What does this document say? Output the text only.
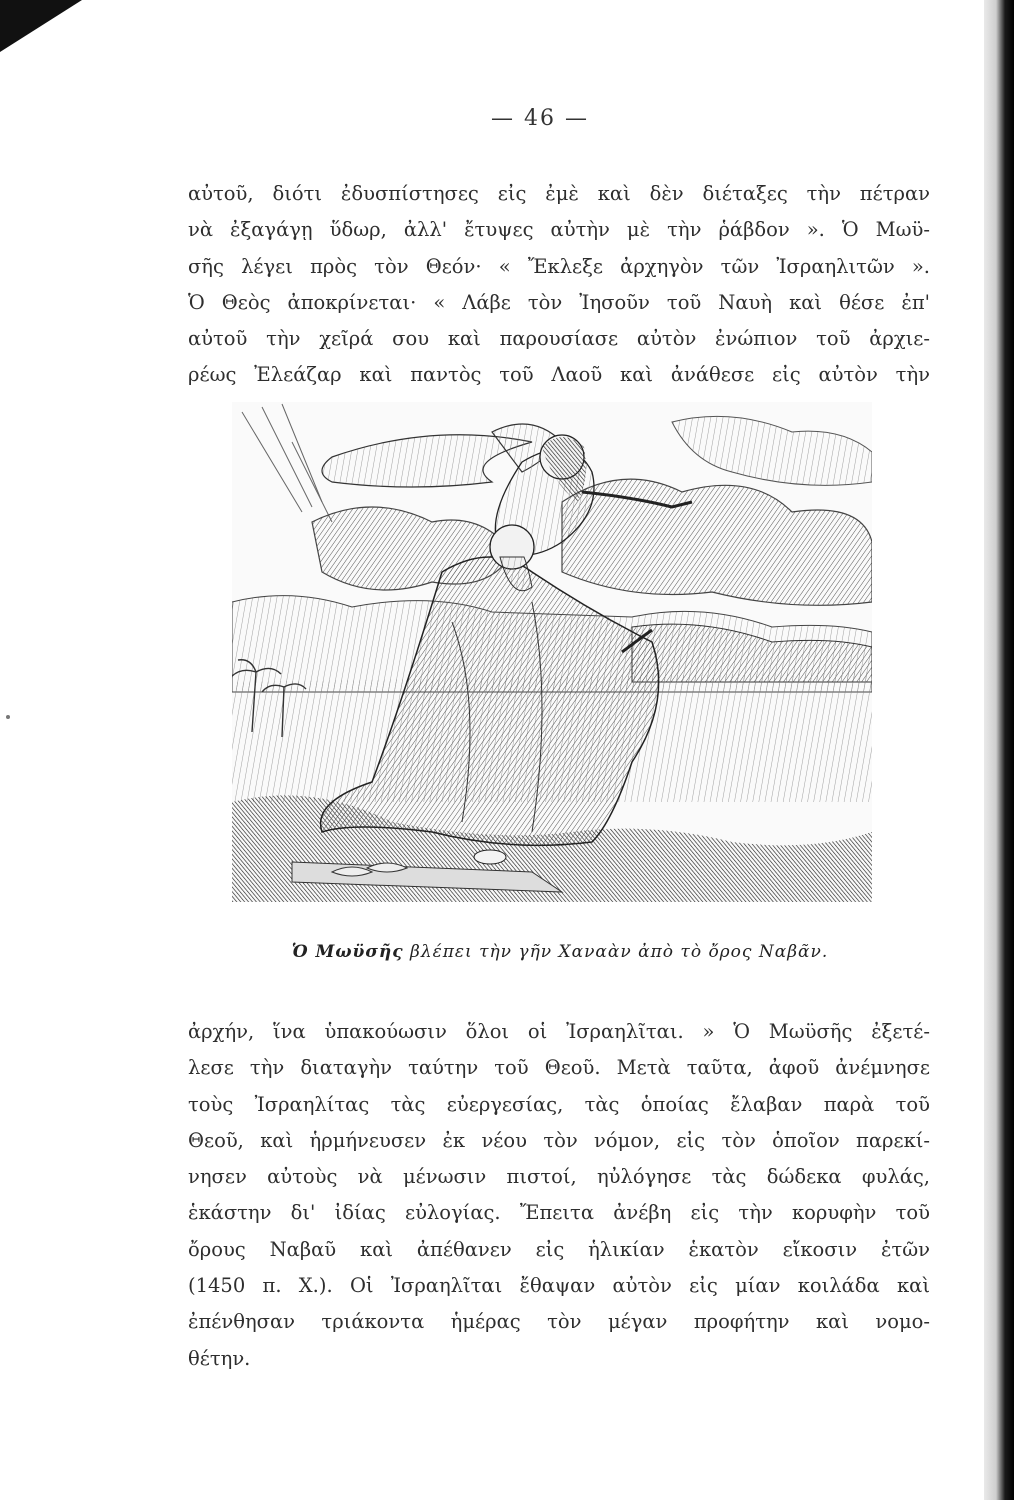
— 46 —
αὐτοῦ, διότι ἐδυσπίστησες εἰς ἐμὲ καὶ δὲν διέταξες τὴν πέτραν
νὰ ἐξαγάγῃ ὕδωρ, ἀλλ' ἔτυψες αὐτὴν μὲ τὴν ῥάβδον ». Ὁ Μωϋ-
σῆς λέγει πρὸς τὸν Θεόν· « Ἔκλεξε ἀρχηγὸν τῶν Ἰσραηλιτῶν ».
Ὁ Θεὸς ἀποκρίνεται· « Λάβε τὸν Ἰησοῦν τοῦ Ναυὴ καὶ θέσε ἐπ'
αὐτοῦ τὴν χεῖρά σου καὶ παρουσίασε αὐτὸν ἐνώπιον τοῦ ἀρχιε-
ρέως Ἐλεάζαρ καὶ παντὸς τοῦ Λαοῦ καὶ ἀνάθεσε εἰς αὐτὸν τὴν
Ὁ Μωϋσῆς βλέπει τὴν γῆν Χαναὰν ἀπὸ τὸ ὄρος Ναβᾶν.
ἀρχήν, ἵνα ὑπακούωσιν ὅλοι οἱ Ἰσραηλῖται. » Ὁ Μωϋσῆς ἐξετέ-
λεσε τὴν διαταγὴν ταύτην τοῦ Θεοῦ. Μετὰ ταῦτα, ἀφοῦ ἀνέμνησε
τοὺς Ἰσραηλίτας τὰς εὐεργεσίας, τὰς ὁποίας ἔλαβαν παρὰ τοῦ
Θεοῦ, καὶ ἡρμήνευσεν ἐκ νέου τὸν νόμον, εἰς τὸν ὁποῖον παρεκί-
νησεν αὐτοὺς νὰ μένωσιν πιστοί, ηὐλόγησε τὰς δώδεκα φυλάς,
ἑκάστην δι' ἰδίας εὐλογίας. Ἔπειτα ἀνέβη εἰς τὴν κορυφὴν τοῦ
ὄρους Ναβαῦ καὶ ἀπέθανεν εἰς ἡλικίαν ἑκατὸν εἴκοσιν ἐτῶν
(1450 π. Χ.). Οἱ Ἰσραηλῖται ἔθαψαν αὐτὸν εἰς μίαν κοιλάδα καὶ
ἐπένθησαν τριάκοντα ἡμέρας τὸν μέγαν προφήτην καὶ νομο-
θέτην.
